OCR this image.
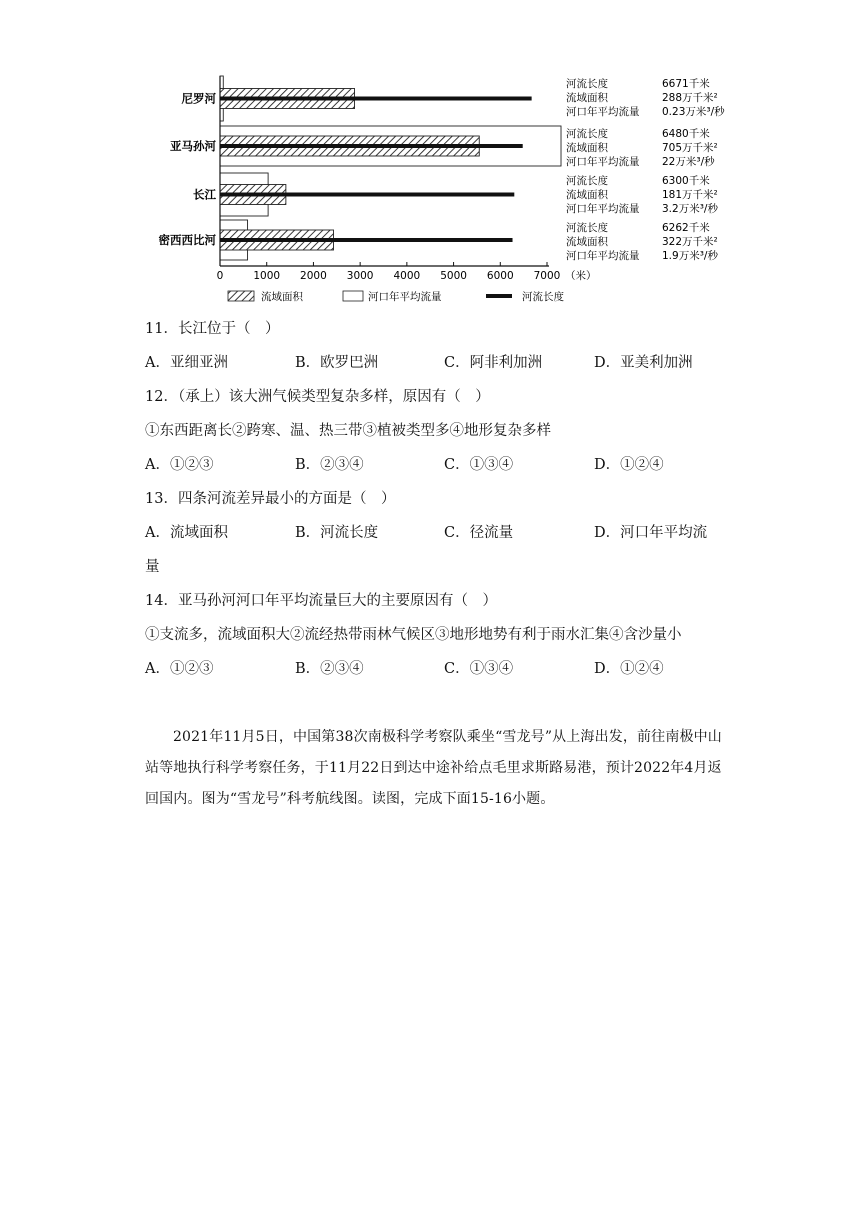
尼罗河
亚马孙河
长江
密西西比河
0	1000 2000 3000 4000 5000 6000 7000 （米）
河流长度	6671千米
流域面积	288万千米²
河口年平均流量 0.23万米³/秒
河流长度	6480千米
流域面积	705万千米²
河口年平均流量 22万米³/秒
河流长度	6300千米
流域面积	181万千米²
河口年平均流量 3.2万米³/秒
河流长度	6262千米
流域面积	322万千米²
河口年平均流量 1.9万米³/秒
流域面积	河口年平均流量	河流长度
11．长江位于（　）
A．亚细亚洲	B．欧罗巴洲	C．阿非利加洲	D．亚美利加洲
12．（承上）该大洲气候类型复杂多样，原因有（　）
①东西距离长②跨寒、温、热三带③植被类型多④地形复杂多样
A．①②③	B．②③④	C．①③④	D．①②④
13．四条河流差异最小的方面是（　）
A．流域面积	B．河流长度	C．径流量	D．河口年平均流
量
14．亚马孙河河口年平均流量巨大的主要原因有（　）
①支流多，流域面积大②流经热带雨林气候区③地形地势有利于雨水汇集④含沙量小
A．①②③	B．②③④	C．①③④	D．①②④
2021年11月5日，中国第38次南极科学考察队乘坐“雪龙号”从上海出发，前往南极中山站等地执行科学考察任务，于11月22日到达中途补给点毛里求斯路易港，预计2022年4月返回国内。图为“雪龙号”科考航线图。读图，完成下面15-16小题。
